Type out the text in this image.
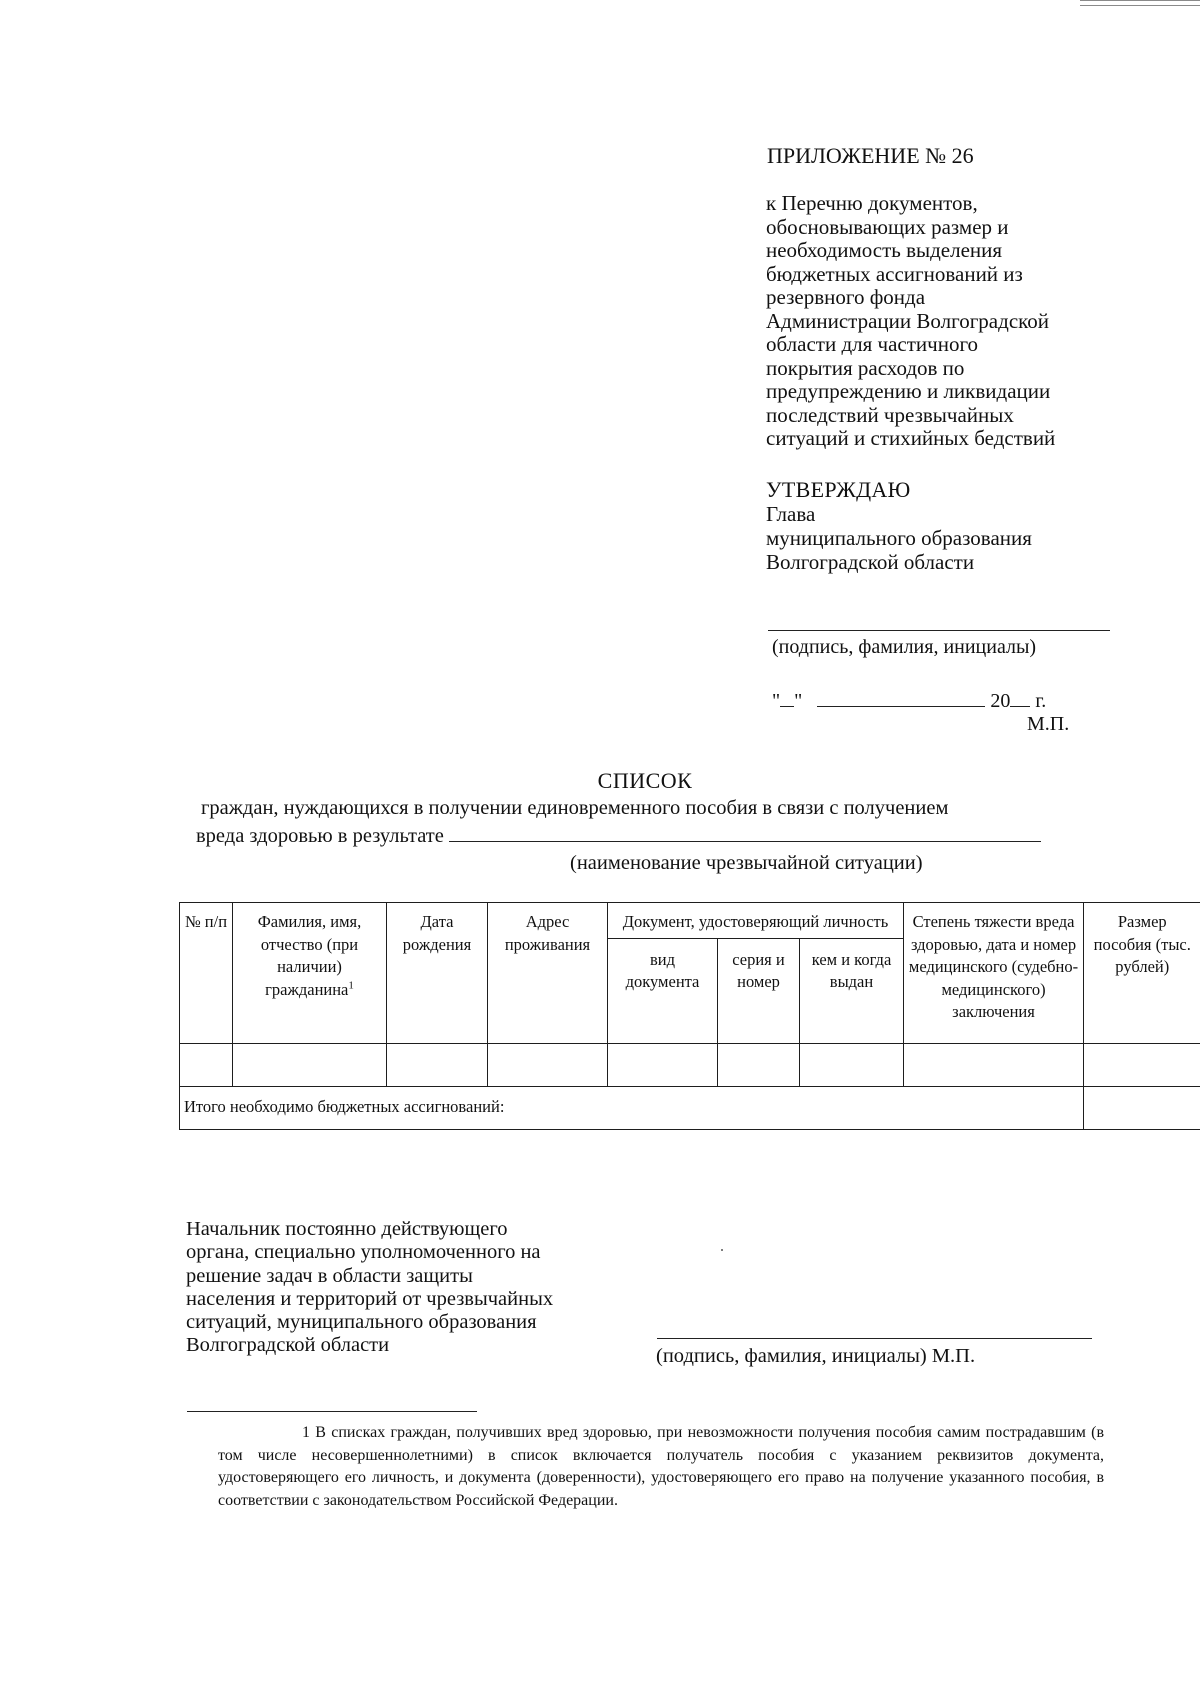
ПРИЛОЖЕНИЕ № 26
к Перечню документов,
обосновывающих размер и
необходимость выделения
бюджетных ассигнований из
резервного фонда
Администрации Волгоградской
области для частичного
покрытия расходов по
предупреждению и ликвидации
последствий чрезвычайных
ситуаций и стихийных бедствий
УТВЕРЖДАЮ
Глава
муниципального образования
Волгоградской области
(подпись, фамилия, инициалы)
" "	20 г.
М.П.
СПИСОК
граждан, нуждающихся в получении единовременного пособия в связи с получением
вреда здоровью в результате
(наименование чрезвычайной ситуации)
№ п/п	Фамилия, имя, отчество (при наличии) гражданина$^1$	Дата рождения	Адрес проживания	Документ, удостоверяющий личность			Степень тяжести вреда здоровью, дата и номер медицинского (судебно-медицинского) заключения	Размер пособия (тыс. рублей)
				вид документа	серия и номер	кем и когда выдан		

Итого необходимо бюджетных ассигнований:								
Начальник постоянно действующего
органа, специально уполномоченного на
решение задач в области защиты
населения и территорий от чрезвычайных
ситуаций, муниципального образования
Волгоградской области	(подпись, фамилия, инициалы) М.П.
1 В списках граждан, получивших вред здоровью, при невозможности получения пособия самим пострадавшим (в том числе несовершеннолетними) в список включается получатель пособия с указанием реквизитов документа, удостоверяющего его личность, и документа (доверенности), удостоверяющего его право на получение указанного пособия, в соответствии с законодательством Российской Федерации.
